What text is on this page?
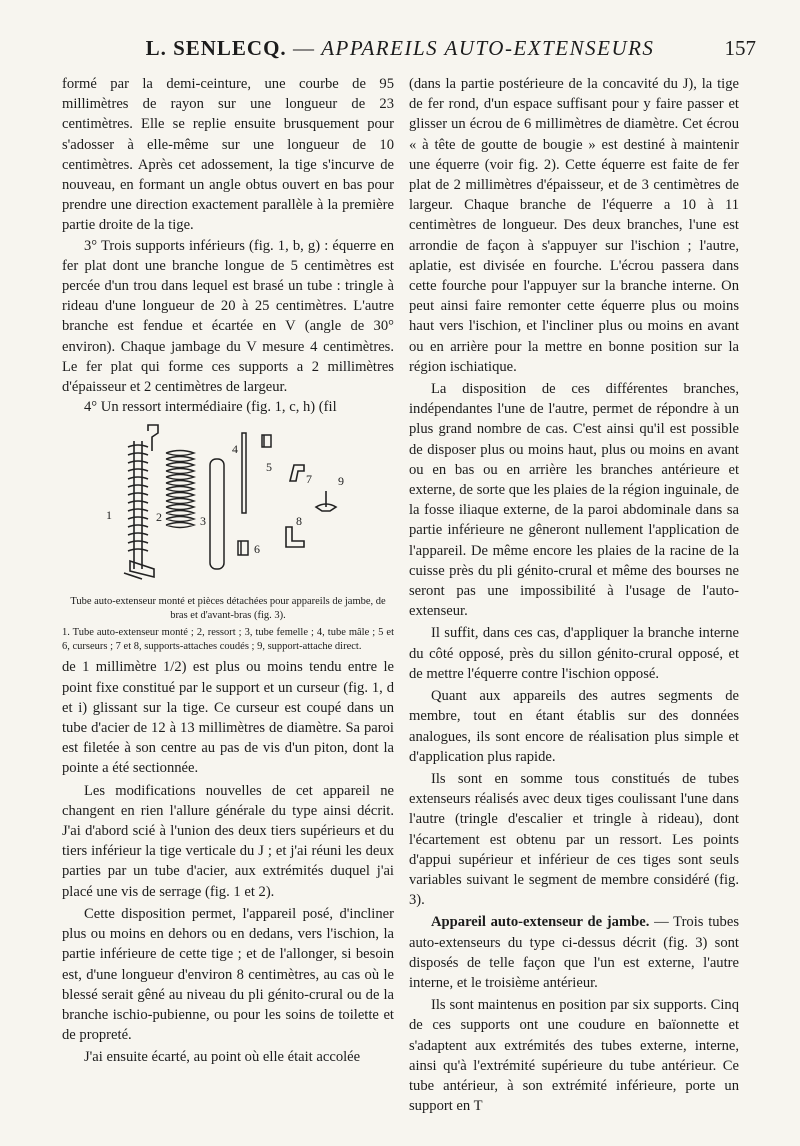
L. SENLECQ. — APPAREILS AUTO-EXTENSEURS	157

formé par la demi-ceinture, une courbe de 95 millimètres de rayon sur une longueur de 23 centimètres. Elle se replie ensuite brusquement pour s'adosser à elle-même sur une longueur de 10 centimètres. Après cet adossement, la tige s'incurve de nouveau, en formant un angle obtus ouvert en bas pour prendre une direction exactement parallèle à la première partie droite de la tige.

3° Trois supports inférieurs (fig. 1, b, g) : équerre en fer plat dont une branche longue de 5 centimètres est percée d'un trou dans lequel est brasé un tube : tringle à rideau d'une longueur de 20 à 25 centimètres. L'autre branche est fendue et écartée en V (angle de 30° environ). Chaque jambage du V mesure 4 centimètres. Le fer plat qui forme ces supports a 2 millimètres d'épaisseur et 2 centimètres de largeur.

4° Un ressort intermédiaire (fig. 1, c, h) (fil

1	2	3
4
5
6
7
8
9
Tube auto-extenseur monté et pièces détachées pour appareils de jambe, de bras et d'avant-bras (fig. 3).
1. Tube auto-extenseur monté ; 2, ressort ; 3, tube femelle ; 4, tube mâle ; 5 et 6, curseurs ; 7 et 8, supports-attaches coudés ; 9, support-attache direct.

de 1 millimètre 1/2) est plus ou moins tendu entre le point fixe constitué par le support et un curseur (fig. 1, d et i) glissant sur la tige. Ce curseur est coupé dans un tube d'acier de 12 à 13 millimètres de diamètre. Sa paroi est filetée à son centre au pas de vis d'un piton, dont la pointe a été sectionnée.

Les modifications nouvelles de cet appareil ne changent en rien l'allure générale du type ainsi décrit. J'ai d'abord scié à l'union des deux tiers supérieurs et du tiers inférieur la tige verticale du J ; et j'ai réuni les deux parties par un tube d'acier, aux extrémités duquel j'ai placé une vis de serrage (fig. 1 et 2).

Cette disposition permet, l'appareil posé, d'incliner plus ou moins en dehors ou en dedans, vers l'ischion, la partie inférieure de cette tige ; et de l'allonger, si besoin est, d'une longueur d'environ 8 centimètres, au cas où le blessé serait gêné au niveau du pli génito-crural ou de la branche ischio-pubienne, ou pour les soins de toilette et de propreté.

J'ai ensuite écarté, au point où elle était accolée

(dans la partie postérieure de la concavité du J), la tige de fer rond, d'un espace suffisant pour y faire passer et glisser un écrou de 6 millimètres de diamètre. Cet écrou « à tête de goutte de bougie » est destiné à maintenir une équerre (voir fig. 2). Cette équerre est faite de fer plat de 2 millimètres d'épaisseur, et de 3 centimètres de largeur. Chaque branche de l'équerre a 10 à 11 centimètres de longueur. Des deux branches, l'une est arrondie de façon à s'appuyer sur l'ischion ; l'autre, aplatie, est divisée en fourche. L'écrou passera dans cette fourche pour l'appuyer sur la branche interne. On peut ainsi faire remonter cette équerre plus ou moins haut vers l'ischion, et l'incliner plus ou moins en avant ou en arrière pour la mettre en bonne position sur la région ischiatique.

La disposition de ces différentes branches, indépendantes l'une de l'autre, permet de répondre à un plus grand nombre de cas. C'est ainsi qu'il est possible de disposer plus ou moins haut, plus ou moins en avant ou en bas ou en arrière les branches antérieure et externe, de sorte que les plaies de la région inguinale, de la fosse iliaque externe, de la paroi abdominale dans sa partie inférieure ne gêneront nullement l'application de l'appareil. De même encore les plaies de la racine de la cuisse près du pli génito-crural et même des bourses ne seront pas une impossibilité à l'usage de l'auto-extenseur.

Il suffit, dans ces cas, d'appliquer la branche interne du côté opposé, près du sillon génito-crural opposé, et de mettre l'équerre contre l'ischion opposé.

Quant aux appareils des autres segments de membre, tout en étant établis sur des données analogues, ils sont encore de réalisation plus simple et d'application plus rapide.

Ils sont en somme tous constitués de tubes extenseurs réalisés avec deux tiges coulissant l'une dans l'autre (tringle d'escalier et tringle à rideau), dont l'écartement est obtenu par un ressort. Les points d'appui supérieur et inférieur de ces tiges sont seuls variables suivant le segment de membre considéré (fig. 3).

Appareil auto-extenseur de jambe. — Trois tubes auto-extenseurs du type ci-dessus décrit (fig. 3) sont disposés de telle façon que l'un est externe, l'autre interne, et le troisième antérieur.

Ils sont maintenus en position par six supports. Cinq de ces supports ont une coudure en baïonnette et s'adaptent aux extrémités des tubes externe, interne, ainsi qu'à l'extrémité supérieure du tube antérieur. Ce tube antérieur, à son extrémité inférieure, porte un support en T
